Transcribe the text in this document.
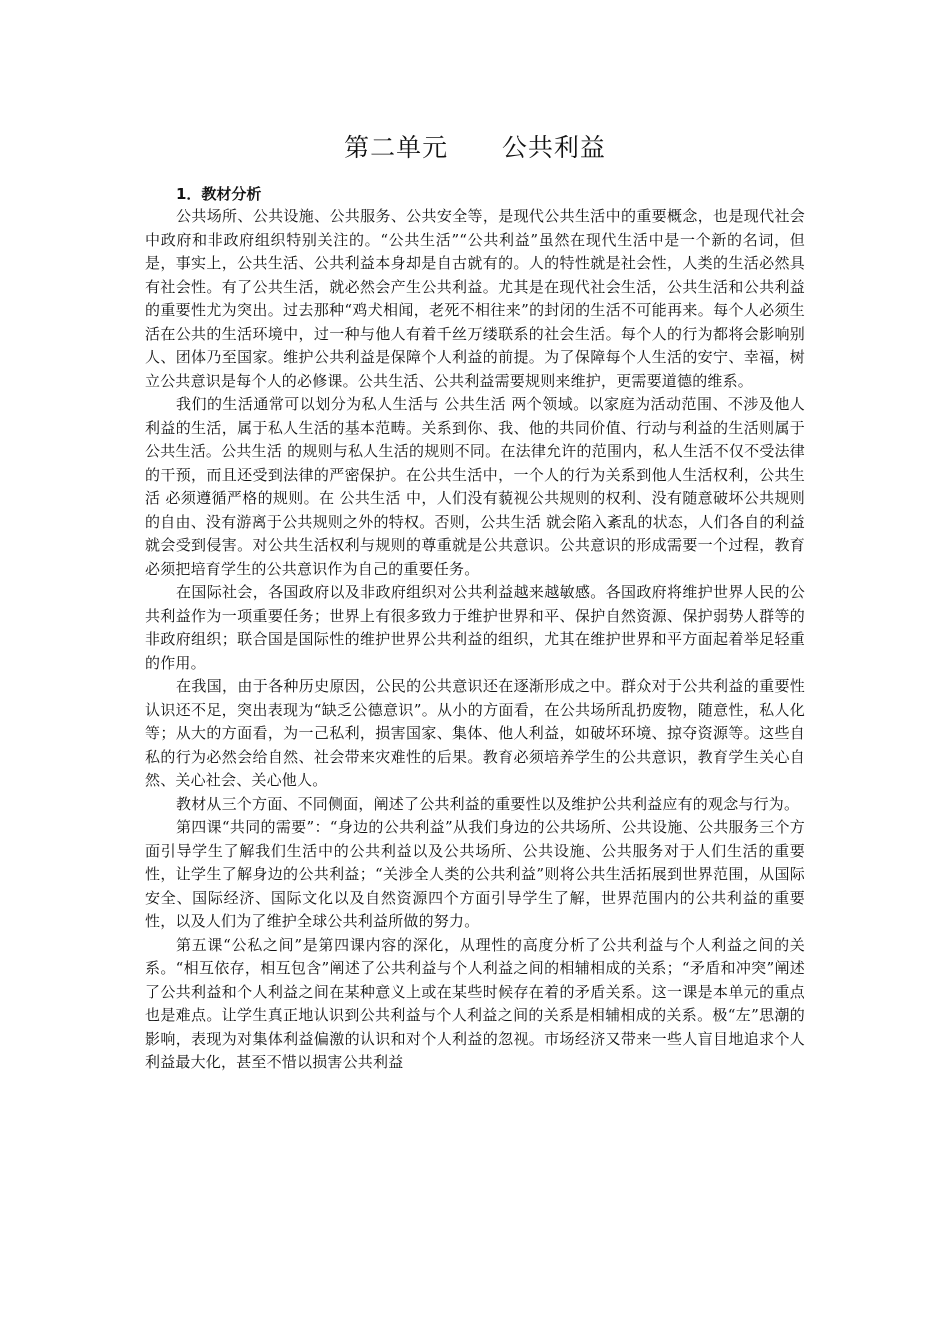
第二单元      公共利益
1．教材分析

公共场所、公共设施、公共服务、公共安全等，是现代公共生活中的重要概念，也是现代社会中政府和非政府组织特别关注的。“公共生活”“公共利益”虽然在现代生活中是一个新的名词，但是，事实上，公共生活、公共利益本身却是自古就有的。人的特性就是社会性，人类的生活必然具有社会性。有了公共生活，就必然会产生公共利益。尤其是在现代社会生活，公共生活和公共利益的重要性尤为突出。过去那种“鸡犬相闻，老死不相往来”的封闭的生活不可能再来。每个人必须生活在公共的生活环境中，过一种与他人有着千丝万缕联系的社会生活。每个人的行为都将会影响别人、团体乃至国家。维护公共利益是保障个人利益的前提。为了保障每个人生活的安宁、幸福，树立公共意识是每个人的必修课。公共生活、公共利益需要规则来维护，更需要道德的维系。

我们的生活通常可以划分为私人生活与 公共生活 两个领域。以家庭为活动范围、不涉及他人利益的生活，属于私人生活的基本范畴。关系到你、我、他的共同价值、行动与利益的生活则属于 公共生活。公共生活 的规则与私人生活的规则不同。在法律允许的范围内，私人生活不仅不受法律的干预，而且还受到法律的严密保护。在公共生活中，一个人的行为关系到他人生活权利，公共生活 必须遵循严格的规则。在 公共生活 中，人们没有藐视公共规则的权利、没有随意破坏公共规则的自由、没有游离于公共规则之外的特权。否则，公共生活 就会陷入紊乱的状态，人们各自的利益就会受到侵害。对公共生活权利与规则的尊重就是公共意识。公共意识的形成需要一个过程，教育必须把培育学生的公共意识作为自己的重要任务。

在国际社会，各国政府以及非政府组织对公共利益越来越敏感。各国政府将维护世界人民的公共利益作为一项重要任务；世界上有很多致力于维护世界和平、保护自然资源、保护弱势人群等的非政府组织；联合国是国际性的维护世界公共利益的组织，尤其在维护世界和平方面起着举足轻重的作用。

在我国，由于各种历史原因，公民的公共意识还在逐渐形成之中。群众对于公共利益的重要性认识还不足，突出表现为“缺乏公德意识”。从小的方面看，在公共场所乱扔废物，随意性，私人化等；从大的方面看，为一己私利，损害国家、集体、他人利益，如破坏环境、掠夺资源等。这些自私的行为必然会给自然、社会带来灾难性的后果。教育必须培养学生的公共意识，教育学生关心自然、关心社会、关心他人。

教材从三个方面、不同侧面，阐述了公共利益的重要性以及维护公共利益应有的观念与行为。

第四课“共同的需要”：“身边的公共利益”从我们身边的公共场所、公共设施、公共服务三个方面引导学生了解我们生活中的公共利益以及公共场所、公共设施、公共服务对于人们生活的重要性，让学生了解身边的公共利益；“关涉全人类的公共利益”则将公共生活拓展到世界范围，从国际安全、国际经济、国际文化以及自然资源四个方面引导学生了解，世界范围内的公共利益的重要性，以及人们为了维护全球公共利益所做的努力。

第五课“公私之间”是第四课内容的深化，从理性的高度分析了公共利益与个人利益之间的关系。“相互依存，相互包含”阐述了公共利益与个人利益之间的相辅相成的关系；“矛盾和冲突”阐述了公共利益和个人利益之间在某种意义上或在某些时候存在着的矛盾关系。这一课是本单元的重点也是难点。让学生真正地认识到公共利益与个人利益之间的关系是相辅相成的关系。极“左”思潮的影响，表现为对集体利益偏激的认识和对个人利益的忽视。市场经济又带来一些人盲目地追求个人利益最大化，甚至不惜以损害公共利益
